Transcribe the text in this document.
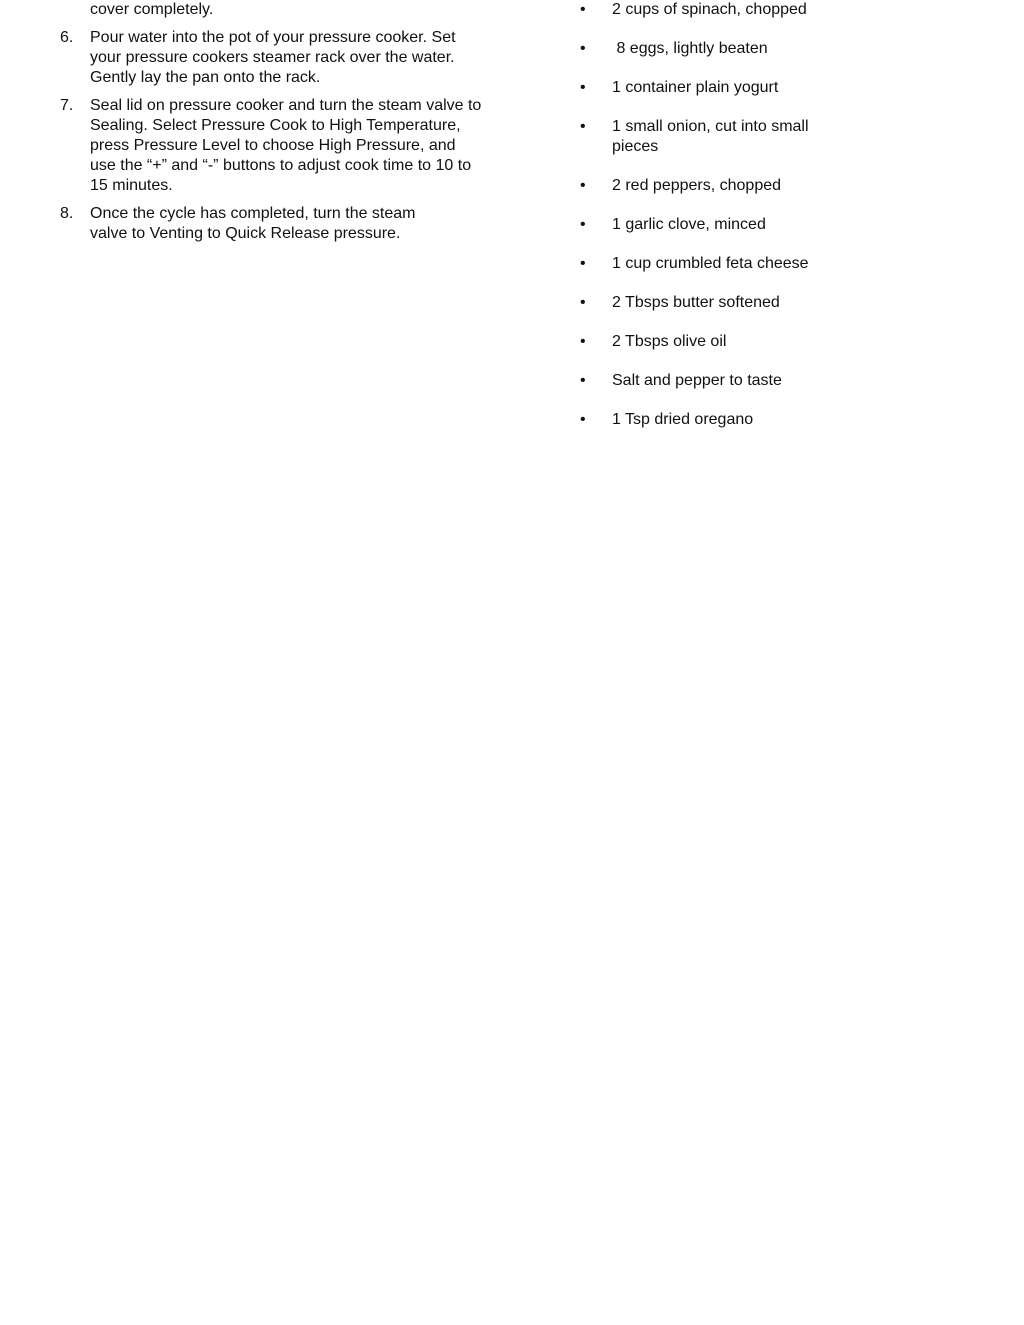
cover completely.
6.	Pour water into the pot of your pressure cooker. Set
your pressure cookers steamer rack over the water.
Gently lay the pan onto the rack.
7.	Seal lid on pressure cooker and turn the steam valve to
Sealing. Select Pressure Cook to High Temperature,
press Pressure Level to choose High Pressure, and
use the “+” and “-” buttons to adjust cook time to 10 to
15 minutes.
8.	Once the cycle has completed, turn the steam
valve to Venting to Quick Release pressure.
•	2 cups of spinach, chopped
•	8 eggs, lightly beaten
•	1 container plain yogurt
•	1 small onion, cut into small
pieces
•	2 red peppers, chopped
•	1 garlic clove, minced
•	1 cup crumbled feta cheese
•	2 Tbsps butter softened
•	2 Tbsps olive oil
•	Salt and pepper to taste
•	1 Tsp dried oregano
